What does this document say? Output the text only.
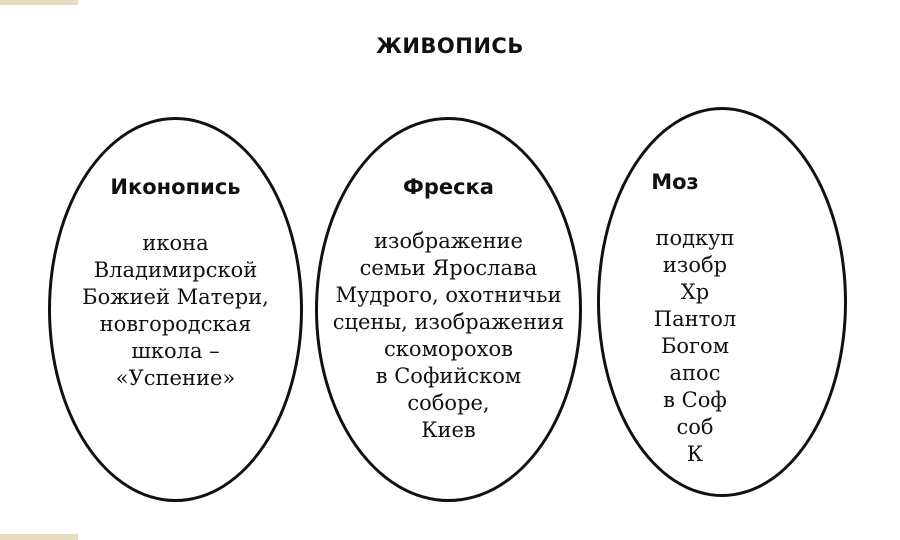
ЖИВОПИСЬ
Иконопись
икона
Владимирской
Божией Матери,
новгородская
школа –
«Успение»
Фреска
изображение
семьи Ярослава
Мудрого, охотничьи
сцены, изображения
скоморохов
в Софийском
соборе,
Киев
Моз
подкуп
изобр
Хр
Пантол
Богом
апос
в Соф
соб
К
